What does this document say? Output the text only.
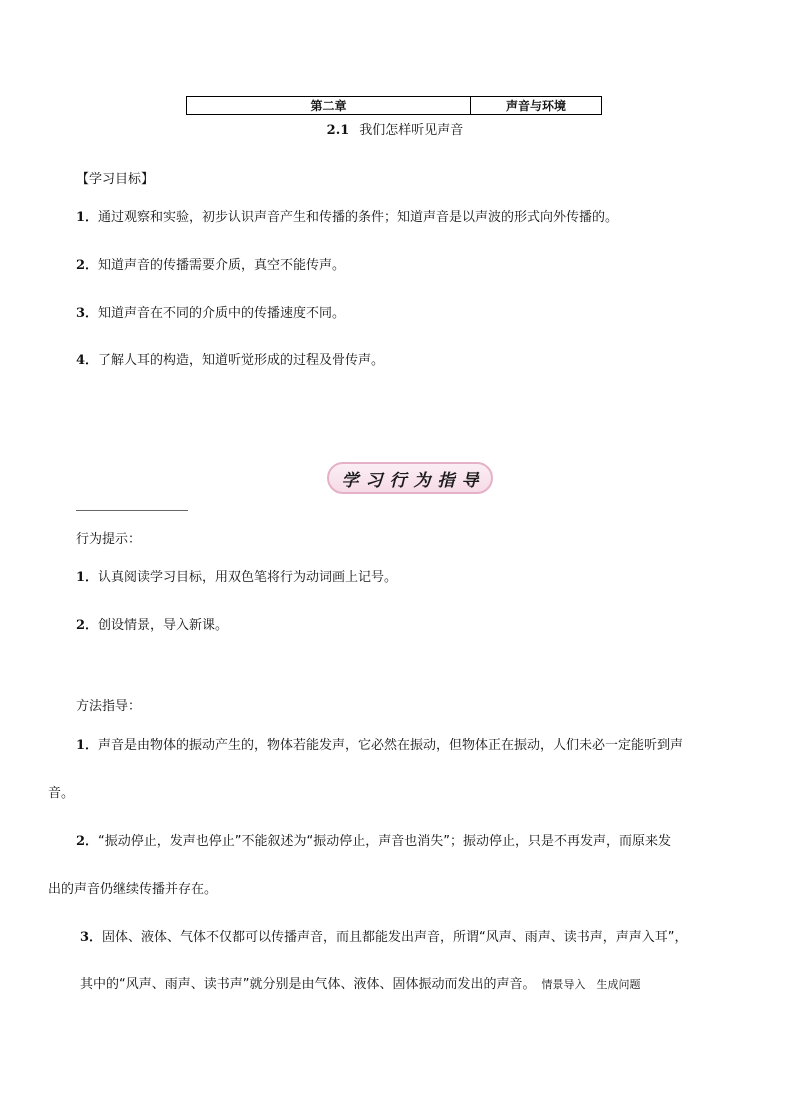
第二章	声音与环境
2.1 我们怎样听见声音
【学习目标】
1．通过观察和实验，初步认识声音产生和传播的条件；知道声音是以声波的形式向外传播的。
2．知道声音的传播需要介质，真空不能传声。
3．知道声音在不同的介质中的传播速度不同。
4．了解人耳的构造，知道听觉形成的过程及骨传声。
学习行为指导
行为提示：
1．认真阅读学习目标，用双色笔将行为动词画上记号。
2．创设情景，导入新课。
方法指导：
1．声音是由物体的振动产生的，物体若能发声，它必然在振动，但物体正在振动，人们未必一定能听到声
音。
2．“振动停止，发声也停止”不能叙述为“振动停止，声音也消失”；振动停止，只是不再发声，而原来发
出的声音仍继续传播并存在。
3．固体、液体、气体不仅都可以传播声音，而且都能发出声音，所谓“风声、雨声、读书声，声声入耳”，
其中的“风声、雨声、读书声”就分别是由气体、液体、固体振动而发出的声音。 情景导入　生成问题
